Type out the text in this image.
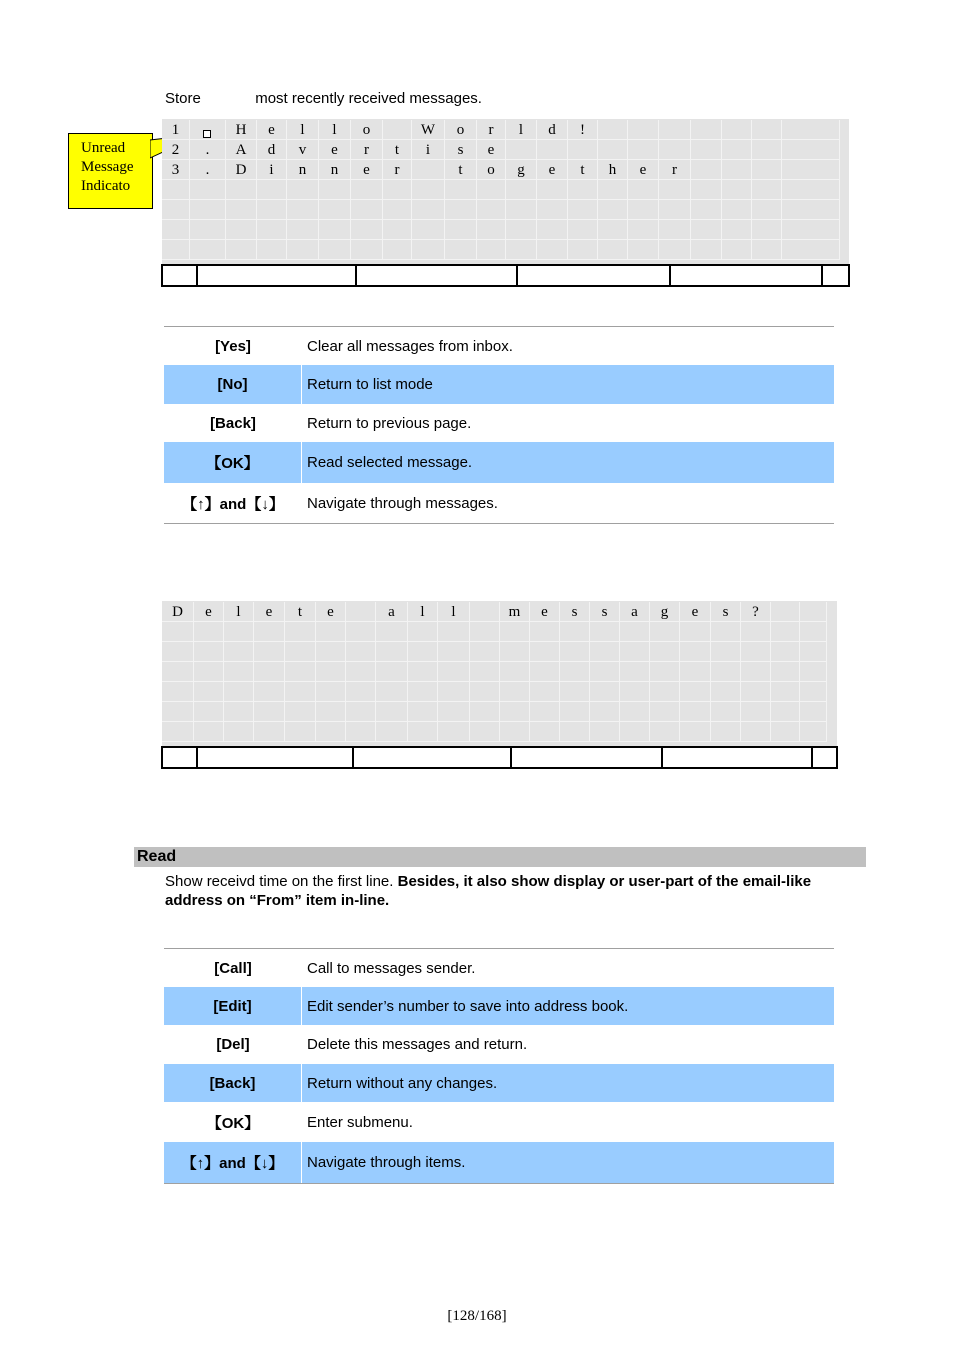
Store	most recently received messages.
Unread
Message
Indicato
1	H	e	l	l	o	W	o	r	l	d	!
2	.	A	d	v	e	r	t	i	s	e
3	.	D	i	n	n	e	r	t	o	g	e	t	h	e	r
[Yes]	Clear all messages from inbox.
[No]	Return to list mode
[Back]	Return to previous page.
【OK】	Read selected message.
【↑】and【↓】	Navigate through messages.
D	e	l	e	t	e	a	l	l	m	e	s	s	a	g	e	s	?
Read
Show receivd time on the first line. Besides, it also show display or user-part of the email-like address on “From” item in-line.
[Call]	Call to messages sender.
[Edit]	Edit sender’s number to save into address book.
[Del]	Delete this messages and return.
[Back]	Return without any changes.
【OK】	Enter submenu.
【↑】and【↓】	Navigate through items.
[128/168]
